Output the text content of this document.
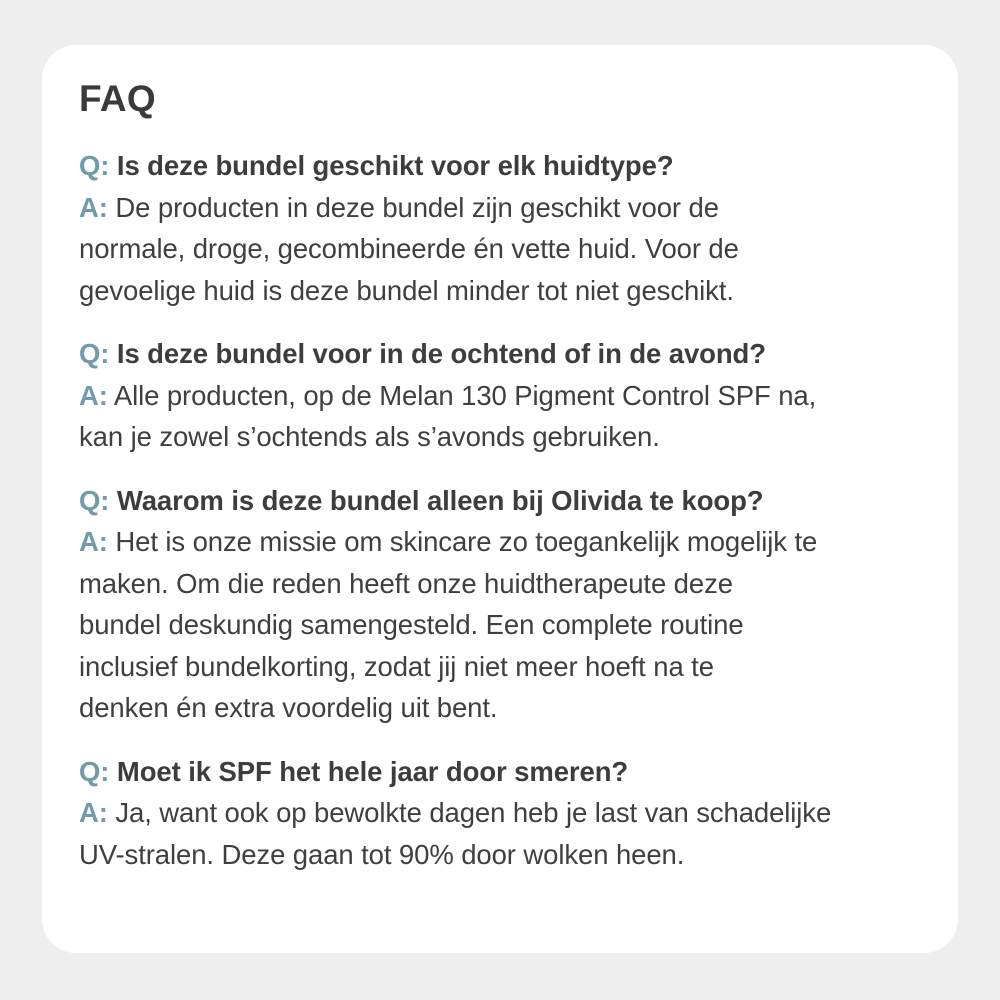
FAQ
Q: Is deze bundel geschikt voor elk huidtype?
A: De producten in deze bundel zijn geschikt voor de
normale, droge, gecombineerde én vette huid. Voor de
gevoelige huid is deze bundel minder tot niet geschikt.
Q: Is deze bundel voor in de ochtend of in de avond?
A: Alle producten, op de Melan 130 Pigment Control SPF na,
kan je zowel s’ochtends als s’avonds gebruiken.
Q: Waarom is deze bundel alleen bij Olivida te koop?
A: Het is onze missie om skincare zo toegankelijk mogelijk te
maken. Om die reden heeft onze huidtherapeute deze
bundel deskundig samengesteld. Een complete routine
inclusief bundelkorting, zodat jij niet meer hoeft na te
denken én extra voordelig uit bent.
Q: Moet ik SPF het hele jaar door smeren?
A: Ja, want ook op bewolkte dagen heb je last van schadelijke
UV-stralen. Deze gaan tot 90% door wolken heen.
